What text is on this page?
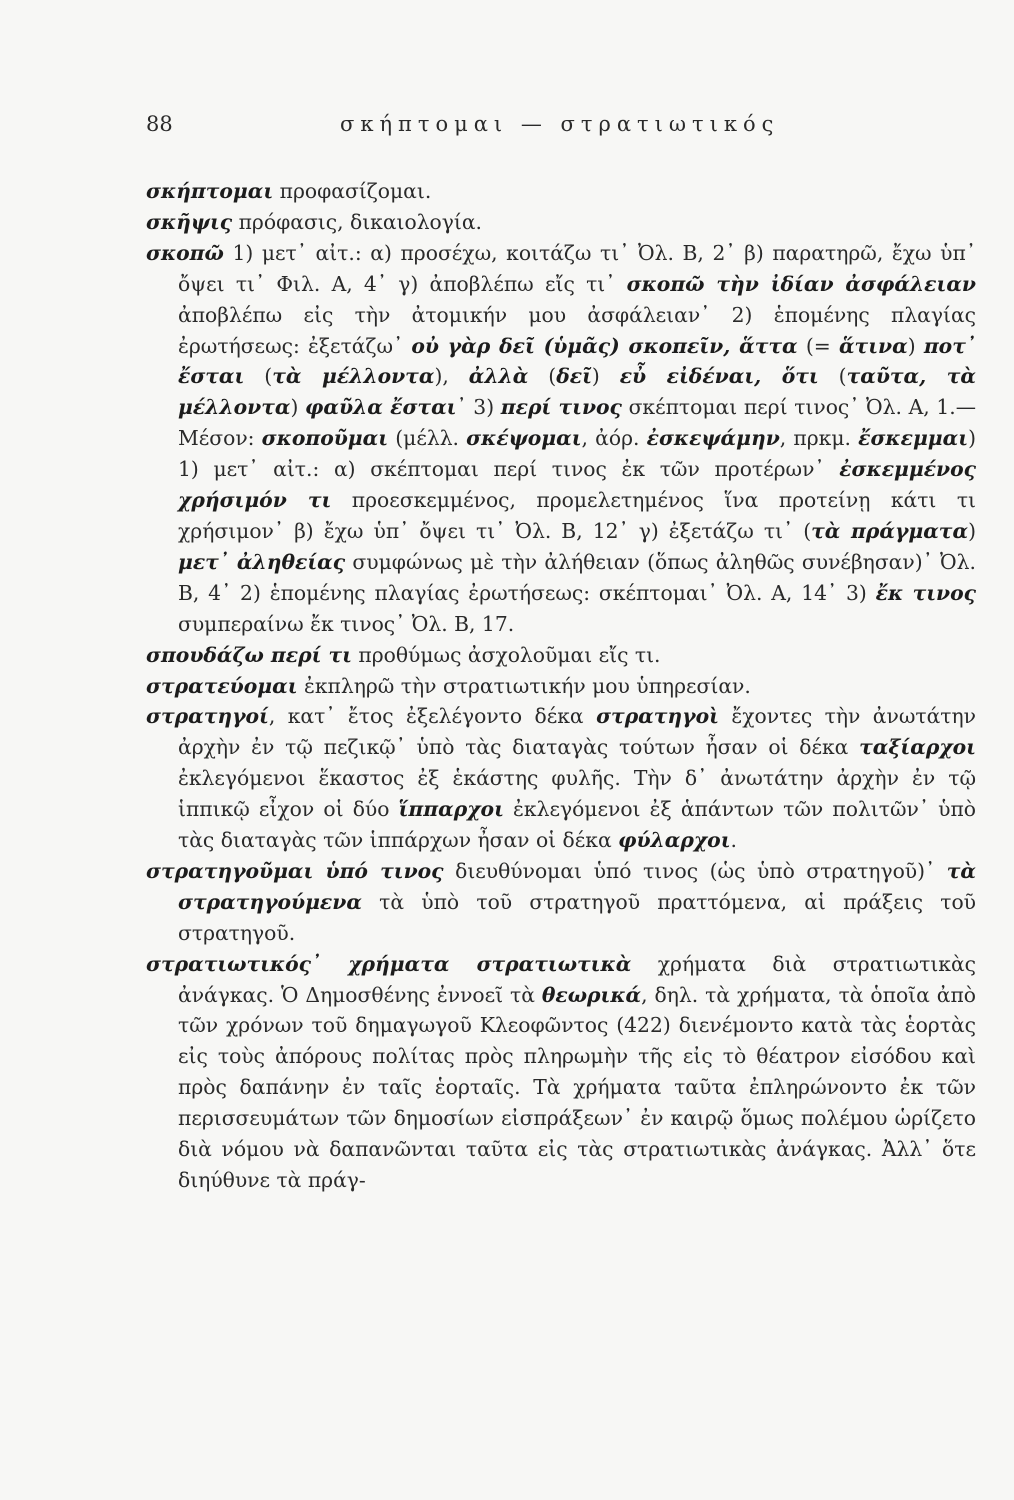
88	σκήπτομαι — στρατιωτικός

σκήπτομαι προφασίζομαι.

σκῆψις πρόφασις, δικαιολογία.

σκοπῶ 1) μετ᾽ αἰτ.: α) προσέχω, κοιτάζω τι᾽ Ὀλ. Β, 2᾽ β) παρατηρῶ, ἔχω ὑπ᾽ ὄψει τι᾽ Φιλ. Α, 4᾽ γ) ἀποβλέπω εἴς τι᾽ σκοπῶ τὴν ἰδίαν ἀσφάλειαν ἀποβλέπω εἰς τὴν ἀτομικήν μου ἀσφάλειαν᾽ 2) ἑπομένης πλαγίας ἐρωτήσεως: ἐξετάζω᾽ οὐ γὰρ δεῖ (ὑμᾶς) σκοπεῖν, ἅττα (= ἅτινα) ποτ᾽ ἔσται (τὰ μέλλοντα), ἀλλὰ (δεῖ) εὖ εἰδέναι, ὅτι (ταῦτα, τὰ μέλλοντα) φαῦλα ἔσται᾽ 3) περί τινος σκέπτομαι περί τινος᾽ Ὀλ. Α, 1.—Μέσον: σκοποῦμαι (μέλλ. σκέψομαι, ἀόρ. ἐσκεψάμην, πρκμ. ἔσκεμμαι) 1) μετ᾽ αἰτ.: α) σκέπτομαι περί τινος ἐκ τῶν προτέρων᾽ ἐσκεμμένος χρήσιμόν τι προεσκεμμένος, προμελετημένος ἵνα προτείνῃ κάτι τι χρήσιμον᾽ β) ἔχω ὑπ᾽ ὄψει τι᾽ Ὀλ. Β, 12᾽ γ) ἐξετάζω τι᾽ (τὰ πράγματα) μετ᾽ ἀληθείας συμφώνως μὲ τὴν ἀλήθειαν (ὅπως ἀληθῶς συνέβησαν)᾽ Ὀλ. Β, 4᾽ 2) ἑπομένης πλαγίας ἐρωτήσεως: σκέπτομαι᾽ Ὀλ. Α, 14᾽ 3) ἔκ τινος συμπεραίνω ἔκ τινος᾽ Ὀλ. Β, 17.

σπουδάζω περί τι προθύμως ἀσχολοῦμαι εἴς τι.

στρατεύομαι ἐκπληρῶ τὴν στρατιωτικήν μου ὑπηρεσίαν.

στρατηγοί, κατ᾽ ἔτος ἐξελέγοντο δέκα στρατηγοὶ ἔχοντες τὴν ἀνωτάτην ἀρχὴν ἐν τῷ πεζικῷ᾽ ὑπὸ τὰς διαταγὰς τούτων ἦσαν οἱ δέκα ταξίαρχοι ἐκλεγόμενοι ἕκαστος ἐξ ἑκάστης φυλῆς. Τὴν δ᾽ ἀνωτάτην ἀρχὴν ἐν τῷ ἱππικῷ εἶχον οἱ δύο ἵππαρχοι ἐκλεγόμενοι ἐξ ἁπάντων τῶν πολιτῶν᾽ ὑπὸ τὰς διαταγὰς τῶν ἱππάρχων ἦσαν οἱ δέκα φύλαρχοι.

στρατηγοῦμαι ὑπό τινος διευθύνομαι ὑπό τινος (ὡς ὑπὸ στρατηγοῦ)᾽ τὰ στρατηγούμενα τὰ ὑπὸ τοῦ στρατηγοῦ πραττόμενα, αἱ πράξεις τοῦ στρατηγοῦ.

στρατιωτικός᾽ χρήματα στρατιωτικὰ χρήματα διὰ στρατιωτικὰς ἀνάγκας. Ὁ Δημοσθένης ἐννοεῖ τὰ θεωρικά, δηλ. τὰ χρήματα, τὰ ὁποῖα ἀπὸ τῶν χρόνων τοῦ δημαγωγοῦ Κλεοφῶντος (422) διενέμοντο κατὰ τὰς ἑορτὰς εἰς τοὺς ἀπόρους πολίτας πρὸς πληρωμὴν τῆς εἰς τὸ θέατρον εἰσόδου καὶ πρὸς δαπάνην ἐν ταῖς ἑορταῖς. Τὰ χρήματα ταῦτα ἐπληρώνοντο ἐκ τῶν περισσευμάτων τῶν δημοσίων εἰσπράξεων᾽ ἐν καιρῷ ὅμως πολέμου ὡρίζετο διὰ νόμου νὰ δαπανῶνται ταῦτα εἰς τὰς στρατιωτικὰς ἀνάγκας. Ἀλλ᾽ ὅτε διηύθυνε τὰ πράγ-
